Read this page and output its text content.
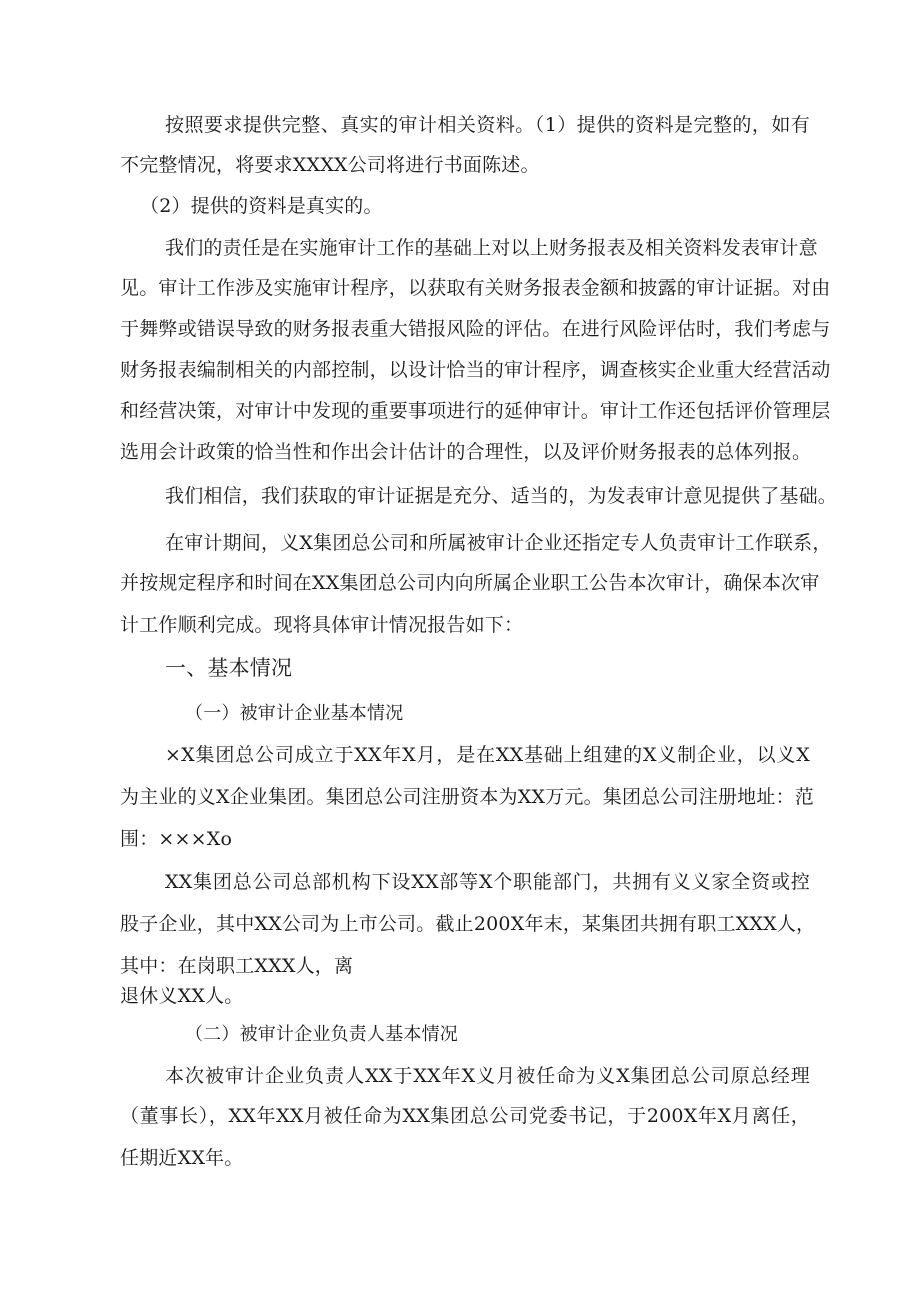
按照要求提供完整、真实的审计相关资料。（1）提供的资料是完整的，如有
不完整情况，将要求XXXX公司将进行书面陈述。
（2）提供的资料是真实的。
我们的责任是在实施审计工作的基础上对以上财务报表及相关资料发表审计意
见。审计工作涉及实施审计程序，以获取有关财务报表金额和披露的审计证据。对由
于舞弊或错误导致的财务报表重大错报风险的评估。在进行风险评估时，我们考虑与
财务报表编制相关的内部控制，以设计恰当的审计程序，调查核实企业重大经营活动
和经营决策，对审计中发现的重要事项进行的延伸审计。审计工作还包括评价管理层
选用会计政策的恰当性和作出会计估计的合理性，以及评价财务报表的总体列报。
我们相信，我们获取的审计证据是充分、适当的，为发表审计意见提供了基础。
在审计期间，义X集团总公司和所属被审计企业还指定专人负责审计工作联系，
并按规定程序和时间在XX集团总公司内向所属企业职工公告本次审计，确保本次审
计工作顺利完成。现将具体审计情况报告如下：
一、基本情况
（一）被审计企业基本情况
×X集团总公司成立于XX年X月，是在XX基础上组建的X义制企业，以义X
为主业的义X企业集团。集团总公司注册资本为XX万元。集团总公司注册地址：范
围：×××Xo
XX集团总公司总部机构下设XX部等X个职能部门，共拥有义义家全资或控
股子企业，其中XX公司为上市公司。截止200X年末，某集团共拥有职工XXX人，
其中：在岗职工XXX人，离
退休义XX人。
（二）被审计企业负责人基本情况
本次被审计企业负责人XX于XX年X义月被任命为义X集团总公司原总经理
（董事长），XX年XX月被任命为XX集团总公司党委书记，于200X年X月离任，
任期近XX年。
